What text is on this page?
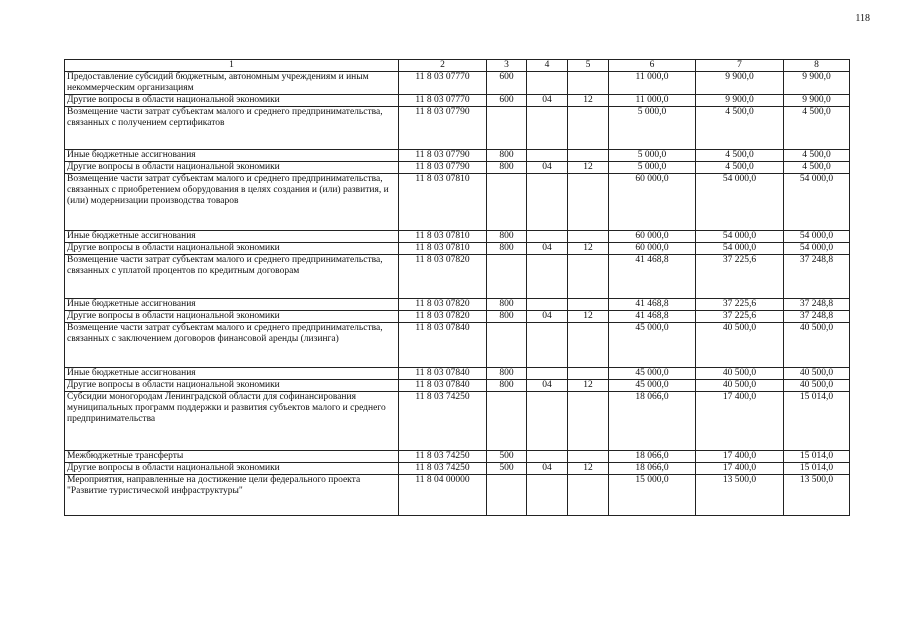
118
1	2	3	4	5	6	7	8
Предоставление субсидий бюджетным, автономным учреждениям и иным некоммерческим организациям	11 8 03 07770	600			11 000,0	9 900,0	9 900,0
Другие вопросы в области национальной экономики	11 8 03 07770	600	04	12	11 000,0	9 900,0	9 900,0
Возмещение части затрат субъектам малого и среднего предпринимательства, связанных с получением сертификатов	11 8 03 07790				5 000,0	4 500,0	4 500,0
Иные бюджетные ассигнования	11 8 03 07790	800			5 000,0	4 500,0	4 500,0
Другие вопросы в области национальной экономики	11 8 03 07790	800	04	12	5 000,0	4 500,0	4 500,0
Возмещение части затрат субъектам малого и среднего предпринимательства, связанных с приобретением оборудования в целях создания и (или) развития, и (или) модернизации производства товаров	11 8 03 07810				60 000,0	54 000,0	54 000,0
Иные бюджетные ассигнования	11 8 03 07810	800			60 000,0	54 000,0	54 000,0
Другие вопросы в области национальной экономики	11 8 03 07810	800	04	12	60 000,0	54 000,0	54 000,0
Возмещение части затрат субъектам малого и среднего предпринимательства, связанных с уплатой процентов по кредитным договорам	11 8 03 07820				41 468,8	37 225,6	37 248,8
Иные бюджетные ассигнования	11 8 03 07820	800			41 468,8	37 225,6	37 248,8
Другие вопросы в области национальной экономики	11 8 03 07820	800	04	12	41 468,8	37 225,6	37 248,8
Возмещение части затрат субъектам малого и среднего предпринимательства, связанных с заключением договоров финансовой аренды (лизинга)	11 8 03 07840				45 000,0	40 500,0	40 500,0
Иные бюджетные ассигнования	11 8 03 07840	800			45 000,0	40 500,0	40 500,0
Другие вопросы в области национальной экономики	11 8 03 07840	800	04	12	45 000,0	40 500,0	40 500,0
Субсидии моногородам Ленинградской области для софинансирования муниципальных программ поддержки и развития субъектов малого и среднего предпринимательства	11 8 03 74250				18 066,0	17 400,0	15 014,0
Межбюджетные трансферты	11 8 03 74250	500			18 066,0	17 400,0	15 014,0
Другие вопросы в области национальной экономики	11 8 03 74250	500	04	12	18 066,0	17 400,0	15 014,0
Мероприятия, направленные на достижение цели федерального проекта "Развитие туристической инфраструктуры"	11 8 04 00000				15 000,0	13 500,0	13 500,0
